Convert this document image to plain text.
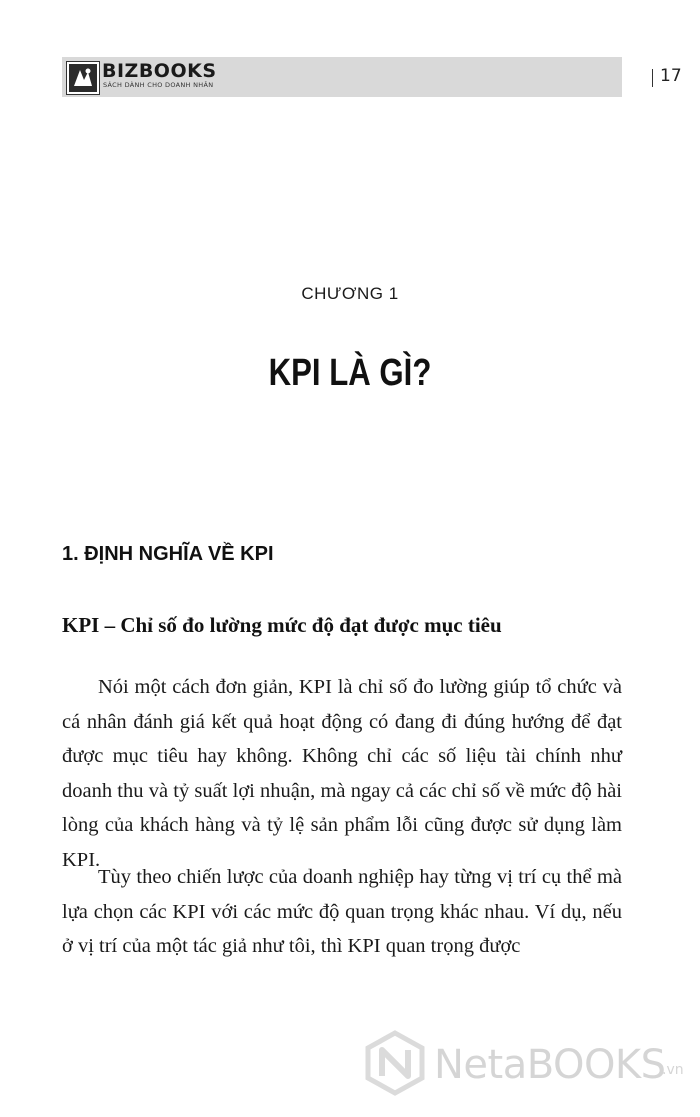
BIZBOOKS
SÁCH DÀNH CHO DOANH NHÂN	17
CHƯƠNG 1
KPI LÀ GÌ?
1. ĐỊNH NGHĨA VỀ KPI
KPI – Chỉ số đo lường mức độ đạt được mục tiêu

Nói một cách đơn giản, KPI là chỉ số đo lường giúp tổ chức và cá nhân đánh giá kết quả hoạt động có đang đi đúng hướng để đạt được mục tiêu hay không. Không chỉ các số liệu tài chính như doanh thu và tỷ suất lợi nhuận, mà ngay cả các chỉ số về mức độ hài lòng của khách hàng và tỷ lệ sản phẩm lỗi cũng được sử dụng làm KPI.

Tùy theo chiến lược của doanh nghiệp hay từng vị trí cụ thể mà lựa chọn các KPI với các mức độ quan trọng khác nhau. Ví dụ, nếu ở vị trí của một tác giả như tôi, thì KPI quan trọng được

NetaBOOKS
.vn
